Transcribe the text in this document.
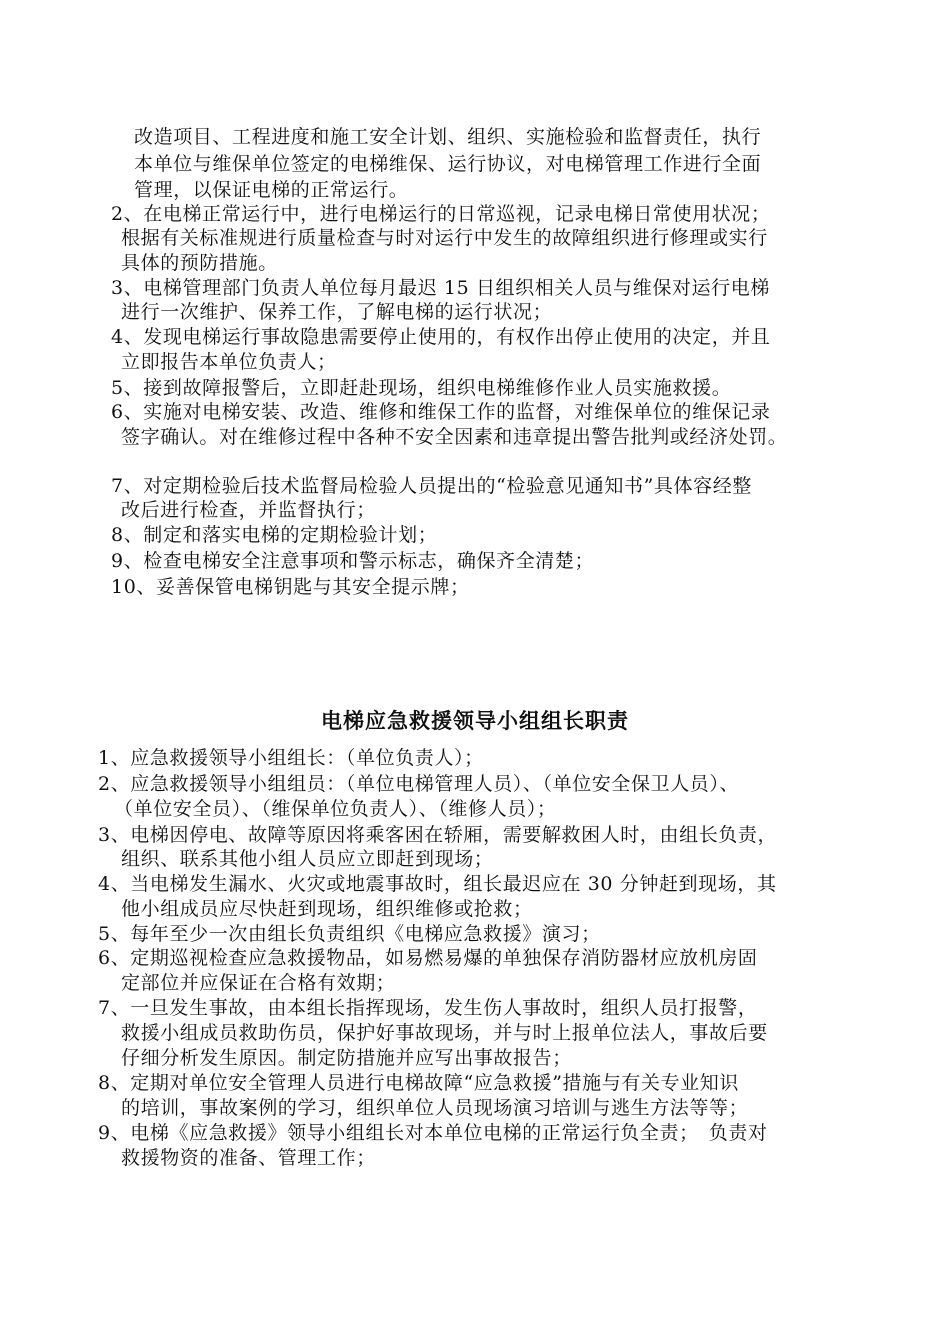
改造项目、工程进度和施工安全计划、组织、实施检验和监督责任，执行
本单位与维保单位签定的电梯维保、运行协议，对电梯管理工作进行全面
管理，以保证电梯的正常运行。
2、在电梯正常运行中，进行电梯运行的日常巡视，记录电梯日常使用状况；
根据有关标准规进行质量检查与时对运行中发生的故障组织进行修理或实行
具体的预防措施。
3、电梯管理部门负责人单位每月最迟 15 日组织相关人员与维保对运行电梯
进行一次维护、保养工作，了解电梯的运行状况；
4、发现电梯运行事故隐患需要停止使用的，有权作出停止使用的决定，并且
立即报告本单位负责人；
5、接到故障报警后，立即赶赴现场，组织电梯维修作业人员实施救援。
6、实施对电梯安装、改造、维修和维保工作的监督，对维保单位的维保记录
签字确认。对在维修过程中各种不安全因素和违章提出警告批判或经济处罚。
7、对定期检验后技术监督局检验人员提出的“检验意见通知书”具体容经整
改后进行检查，并监督执行；
8、制定和落实电梯的定期检验计划；
9、检查电梯安全注意事项和警示标志，确保齐全清楚；
10、妥善保管电梯钥匙与其安全提示牌；
电梯应急救援领导小组组长职责
1、应急救援领导小组组长：（单位负责人）；
2、应急救援领导小组组员：（单位电梯管理人员）、（单位安全保卫人员）、
（单位安全员）、（维保单位负责人）、（维修人员）；
3、电梯因停电、故障等原因将乘客困在轿厢，需要解救困人时，由组长负责，
组织、联系其他小组人员应立即赶到现场；
4、当电梯发生漏水、火灾或地震事故时，组长最迟应在 30 分钟赶到现场，其
他小组成员应尽快赶到现场，组织维修或抢救；
5、每年至少一次由组长负责组织《电梯应急救援》演习；
6、定期巡视检查应急救援物品，如易燃易爆的单独保存消防器材应放机房固
定部位并应保证在合格有效期；
7、一旦发生事故，由本组长指挥现场，发生伤人事故时，组织人员打报警，
救援小组成员救助伤员，保护好事故现场，并与时上报单位法人，事故后要
仔细分析发生原因。制定防措施并应写出事故报告；
8、定期对单位安全管理人员进行电梯故障“应急救援”措施与有关专业知识
的培训，事故案例的学习，组织单位人员现场演习培训与逃生方法等等；
9、电梯《应急救援》领导小组组长对本单位电梯的正常运行负全责；　负责对
救援物资的准备、管理工作；
